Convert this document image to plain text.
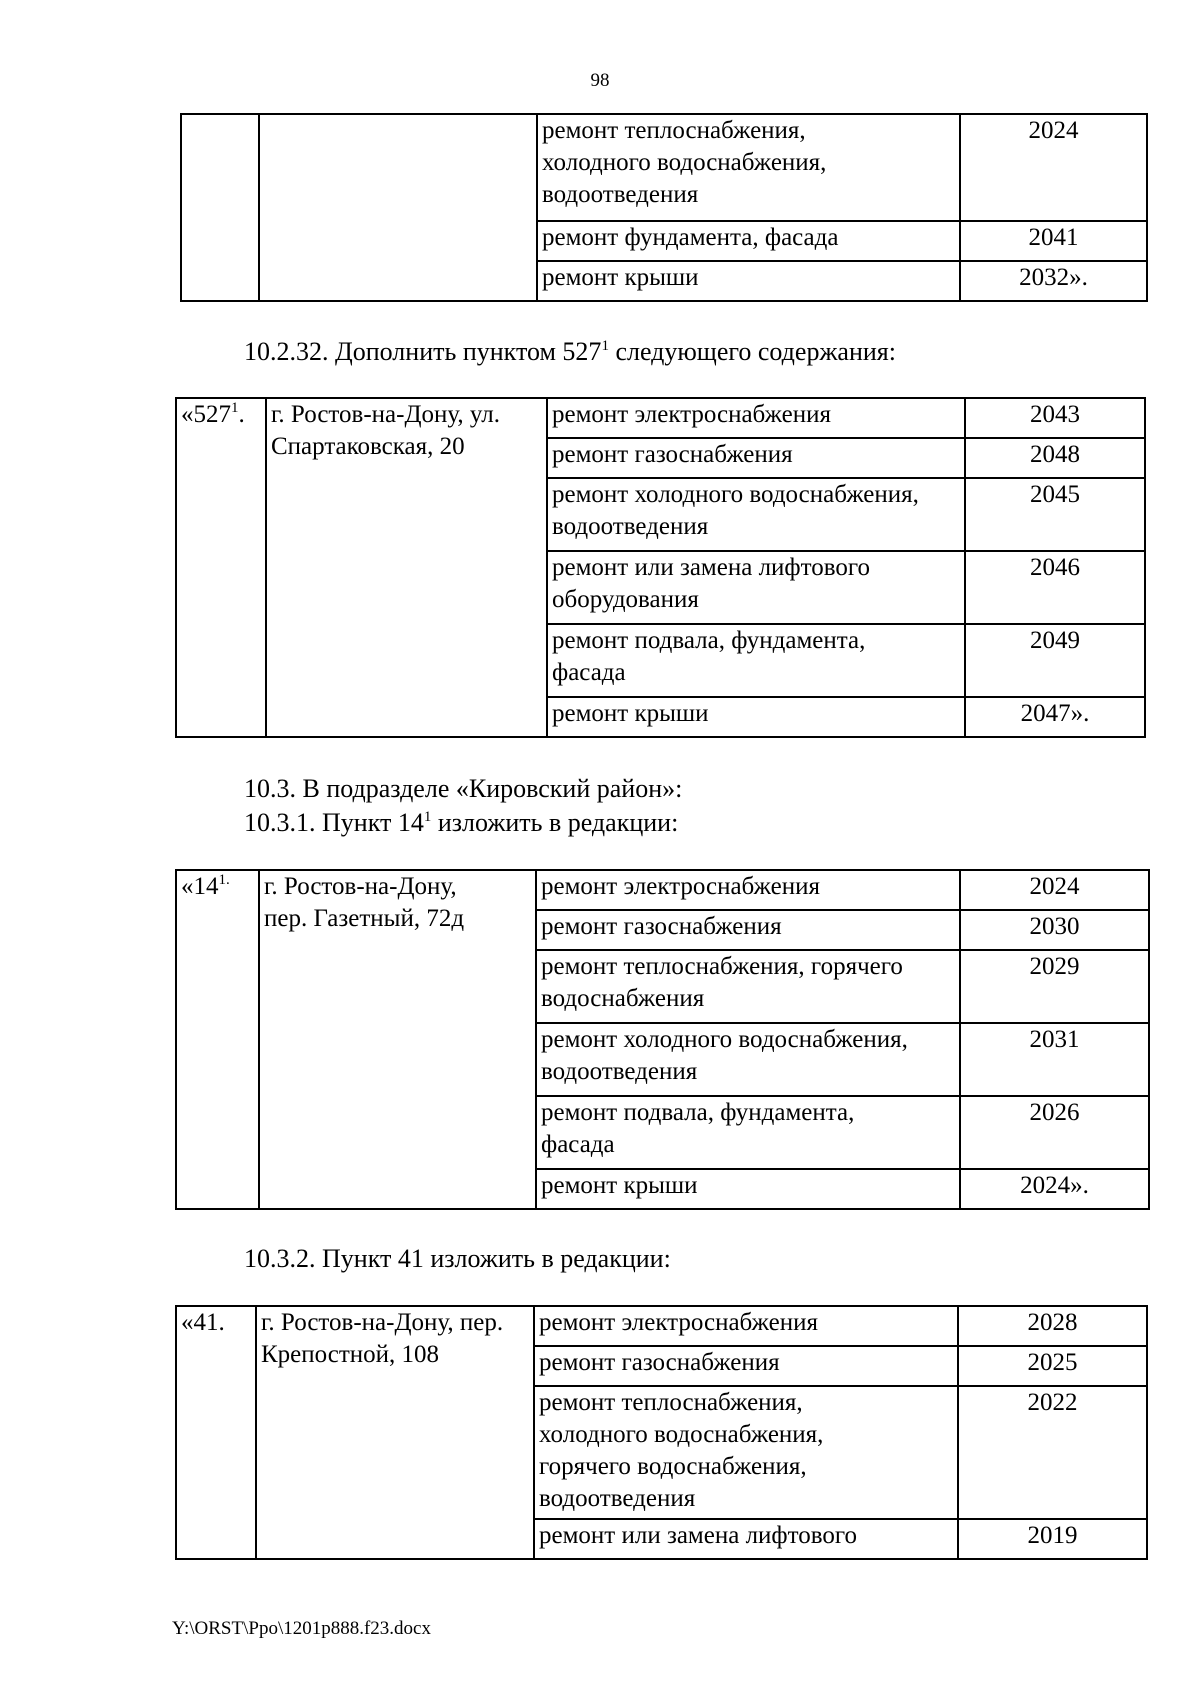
98

		ремонт теплоснабжения, холодного водоснабжения, водоотведения	2024
		ремонт фундамента, фасада	2041
		ремонт крыши	2032».
10.2.32. Дополнить пунктом $527^1$ следующего содержания:
«$527^1$.	г. Ростов-на-Дону, ул. Спартаковская, 20	ремонт электроснабжения	2043
		ремонт газоснабжения	2048

		ремонт холодного водоснабжения, водоотведения	2045

		ремонт или замена лифтового оборудования	2046

		ремонт подвала, фундамента, фасада	2049
		ремонт крыши	2047».
10.3. В подразделе «Кировский район»:
10.3.1. Пункт $14^1$ изложить в редакции:
«$14^{1.}$	г. Ростов-на-Дону, пер. Газетный, 72д	ремонт электроснабжения	2024
		ремонт газоснабжения	2030
		ремонт теплоснабжения, горячего водоснабжения	2029

		ремонт холодного водоснабжения, водоотведения	2031

		ремонт подвала, фундамента, фасада	2026
		ремонт крыши	2024».
10.3.2. Пункт 41 изложить в редакции:
«41.	г. Ростов-на-Дону, пер. Крепостной, 108	ремонт электроснабжения	2028
		ремонт газоснабжения	2025

		ремонт теплоснабжения, холодного водоснабжения, горячего водоснабжения, водоотведения	2022
		ремонт или замена лифтового	2019
Y:\ORST\Ppo\1201p888.f23.docx
